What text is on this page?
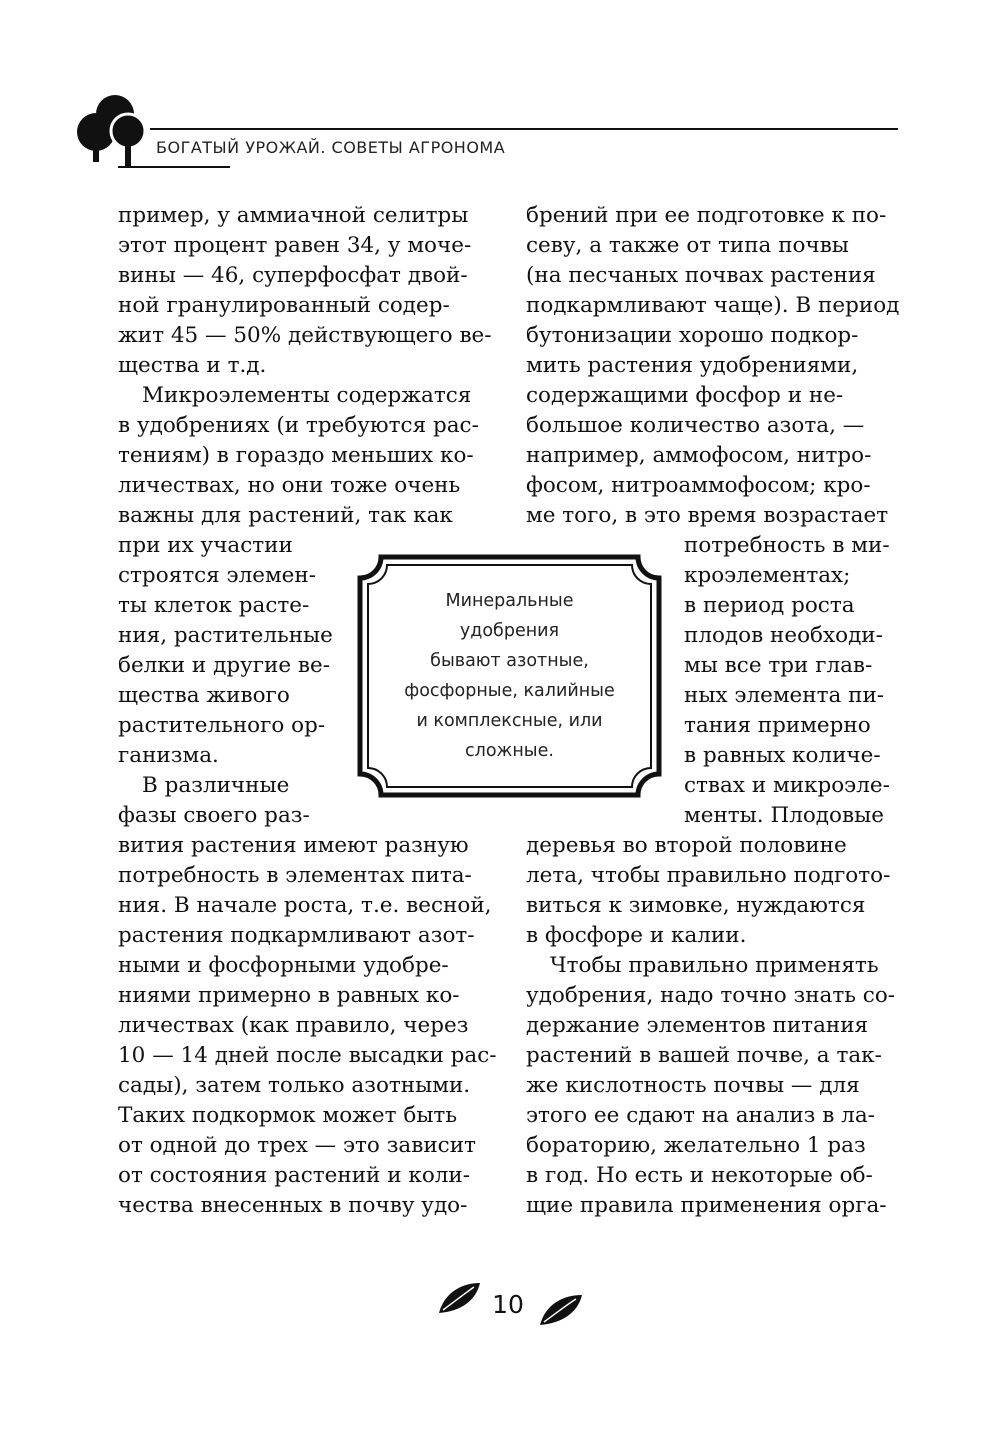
БОГАТЫЙ УРОЖАЙ. СОВЕТЫ АГРОНОМА
пример, у аммиачной селитры
этот процент равен 34, у моче-
вины — 46, суперфосфат двой-
ной гранулированный содер-
жит 45 — 50% действующего ве-
щества и т.д.
Микроэлементы содержатся
в удобрениях (и требуются рас-
тениям) в гораздо меньших ко-
личествах, но они тоже очень
важны для растений, так как
при их участии
строятся элемен-
ты клеток расте-
ния, растительные
белки и другие ве-
щества живого
растительного ор-
ганизма.
В различные
фазы своего раз-
вития растения имеют разную
потребность в элементах пита-
ния. В начале роста, т.е. весной,
растения подкармливают азот-
ными и фосфорными удобре-
ниями примерно в равных ко-
личествах (как правило, через
10 — 14 дней после высадки рас-
сады), затем только азотными.
Таких подкормок может быть
от одной до трех — это зависит
от состояния растений и коли-
чества внесенных в почву удо-
брений при ее подготовке к по-
севу, а также от типа почвы
(на песчаных почвах растения
подкармливают чаще). В период
бутонизации хорошо подкор-
мить растения удобрениями,
содержащими фосфор и не-
большое количество азота, —
например, аммофосом, нитро-
фосом, нитроаммофосом; кро-
ме того, в это время возрастает
потребность в ми-
кроэлементах;
в период роста
плодов необходи-
мы все три глав-
ных элемента пи-
тания примерно
в равных количе-
ствах и микроэле-
менты. Плодовые
деревья во второй половине
лета, чтобы правильно подгото-
виться к зимовке, нуждаются
в фосфоре и калии.
Чтобы правильно применять
удобрения, надо точно знать со-
держание элементов питания
растений в вашей почве, а так-
же кислотность почвы — для
этого ее сдают на анализ в ла-
бораторию, желательно 1 раз
в год. Но есть и некоторые об-
щие правила применения орга-
Минеральные
удобрения
бывают азотные,
фосфорные, калийные
и комплексные, или
сложные.
10
